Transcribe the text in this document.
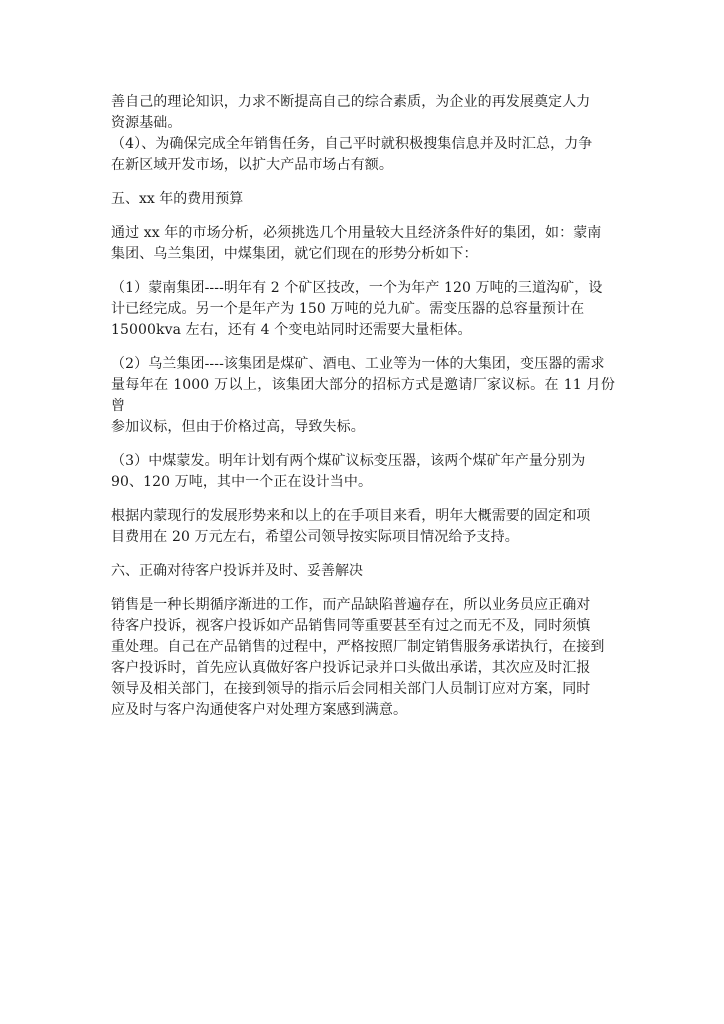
善自己的理论知识，力求不断提高自己的综合素质，为企业的再发展奠定人力
资源基础。
（4）、为确保完成全年销售任务，自己平时就积极搜集信息并及时汇总，力争
在新区域开发市场，以扩大产品市场占有额。

五、xx 年的费用预算

通过 xx 年的市场分析，必须挑选几个用量较大且经济条件好的集团，如：蒙南
集团、乌兰集团，中煤集团，就它们现在的形势分析如下：

（1）蒙南集团----明年有 2 个矿区技改，一个为年产 120 万吨的三道沟矿，设
计已经完成。另一个是年产为 150 万吨的兑九矿。需变压器的总容量预计在
15000kva 左右，还有 4 个变电站同时还需要大量柜体。

（2）乌兰集团----该集团是煤矿、酒电、工业等为一体的大集团，变压器的需求
量每年在 1000 万以上，该集团大部分的招标方式是邀请厂家议标。在 11 月份曾
参加议标，但由于价格过高，导致失标。

（3）中煤蒙发。明年计划有两个煤矿议标变压器，该两个煤矿年产量分别为
90、120 万吨，其中一个正在设计当中。

根据内蒙现行的发展形势来和以上的在手项目来看，明年大概需要的固定和项
目费用在 20 万元左右，希望公司领导按实际项目情况给予支持。

六、正确对待客户投诉并及时、妥善解决

销售是一种长期循序渐进的工作，而产品缺陷普遍存在，所以业务员应正确对
待客户投诉，视客户投诉如产品销售同等重要甚至有过之而无不及，同时须慎
重处理。自己在产品销售的过程中，严格按照厂制定销售服务承诺执行，在接到
客户投诉时，首先应认真做好客户投诉记录并口头做出承诺，其次应及时汇报
领导及相关部门，在接到领导的指示后会同相关部门人员制订应对方案，同时
应及时与客户沟通使客户对处理方案感到满意。
